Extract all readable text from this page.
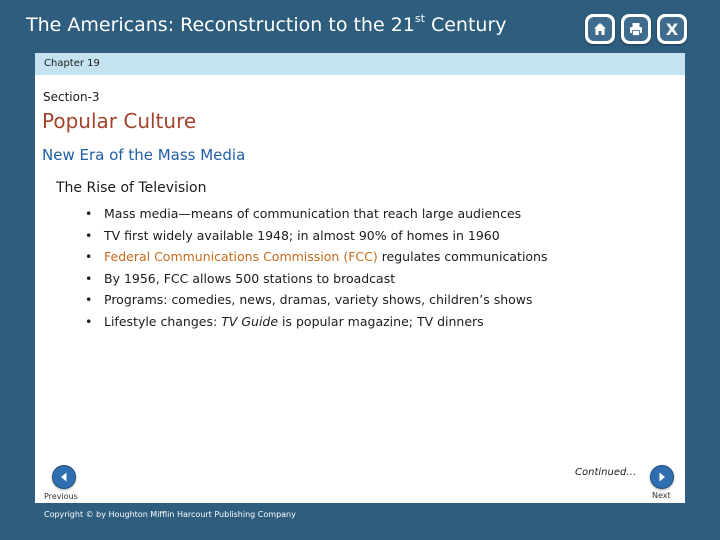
The Americans: Reconstruction to the 21st Century	X
Chapter 19
Section-3
Popular Culture
New Era of the Mass Media
The Rise of Television
• Mass media—means of communication that reach large audiences
• TV first widely available 1948; in almost 90% of homes in 1960
• Federal Communications Commission (FCC) regulates communications
• By 1956, FCC allows 500 stations to broadcast
• Programs: comedies, news, dramas, variety shows, children’s shows
• Lifestyle changes: TV Guide is popular magazine; TV dinners
Continued…
Previous	Next
Copyright © by Houghton Mifflin Harcourt Publishing Company
